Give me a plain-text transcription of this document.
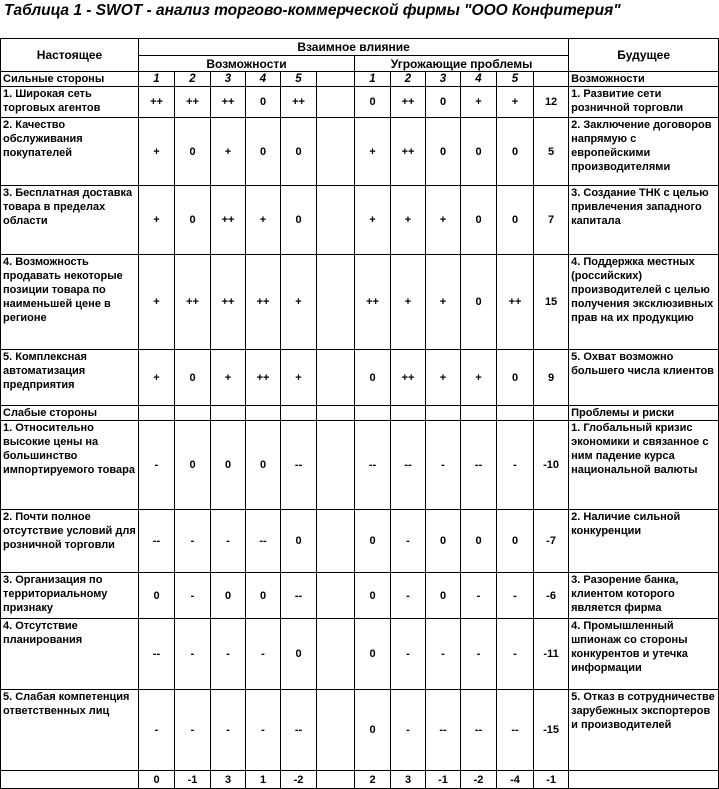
Таблица 1 - SWOT - анализ торгово-коммерческой фирмы "ООО Конфитерия"
Настоящее	Взаимное влияние												Будущее
	Возможности						Угрожающие проблемы						
Сильные стороны	1	2	3	4	5		1	2	3	4	5		Возможности
1. Широкая сеть торговых агентов	++	++	++	0	++		0	++	0	+	+	12	1. Развитие сети розничной торговли
2. Качество обслуживания покупателей	+	0	+	0	0		+	++	0	0	0	5	2. Заключение договоров напрямую с европейскими производителями
3. Бесплатная доставка товара в пределах области	+	0	++	+	0		+	+	+	0	0	7	3. Создание ТНК с целью привлечения западного капитала
4. Возможность продавать некоторые позиции товара по наименьшей цене в регионе	+	++	++	++	+		++	+	+	0	++	15	4. Поддержка местных (российских) производителей с целью получения эксклюзивных прав на их продукцию
5. Комплексная автоматизация предприятия	+	0	+	++	+		0	++	+	+	0	9	5. Охват возможно большего числа клиентов
Слабые стороны													Проблемы и риски
1. Относительно высокие цены на большинство импортируемого товара	-	0	0	0	--		--	--	-	--	-	-10	1. Глобальный кризис экономики и связанное с ним падение курса национальной валюты
2. Почти полное отсутствие условий для розничной торговли	--	-	-	--	0		0	-	0	0	0	-7	2. Наличие сильной конкуренции
3. Организация по территориальному признаку	0	-	0	0	--		0	-	0	-	-	-6	3. Разорение банка, клиентом которого является фирма
4. Отсутствие планирования	--	-	-	-	0		0	-	-	-	-	-11	4. Промышленный шпионаж со стороны конкурентов и утечка информации
5. Слабая компетенция ответственных лиц	-	-	-	-	--		0	-	--	--	--	-15	5. Отказ в сотрудничестве зарубежных экспортеров и производителей
	0	-1	3	1	-2		2	3	-1	-2	-4	-1	
